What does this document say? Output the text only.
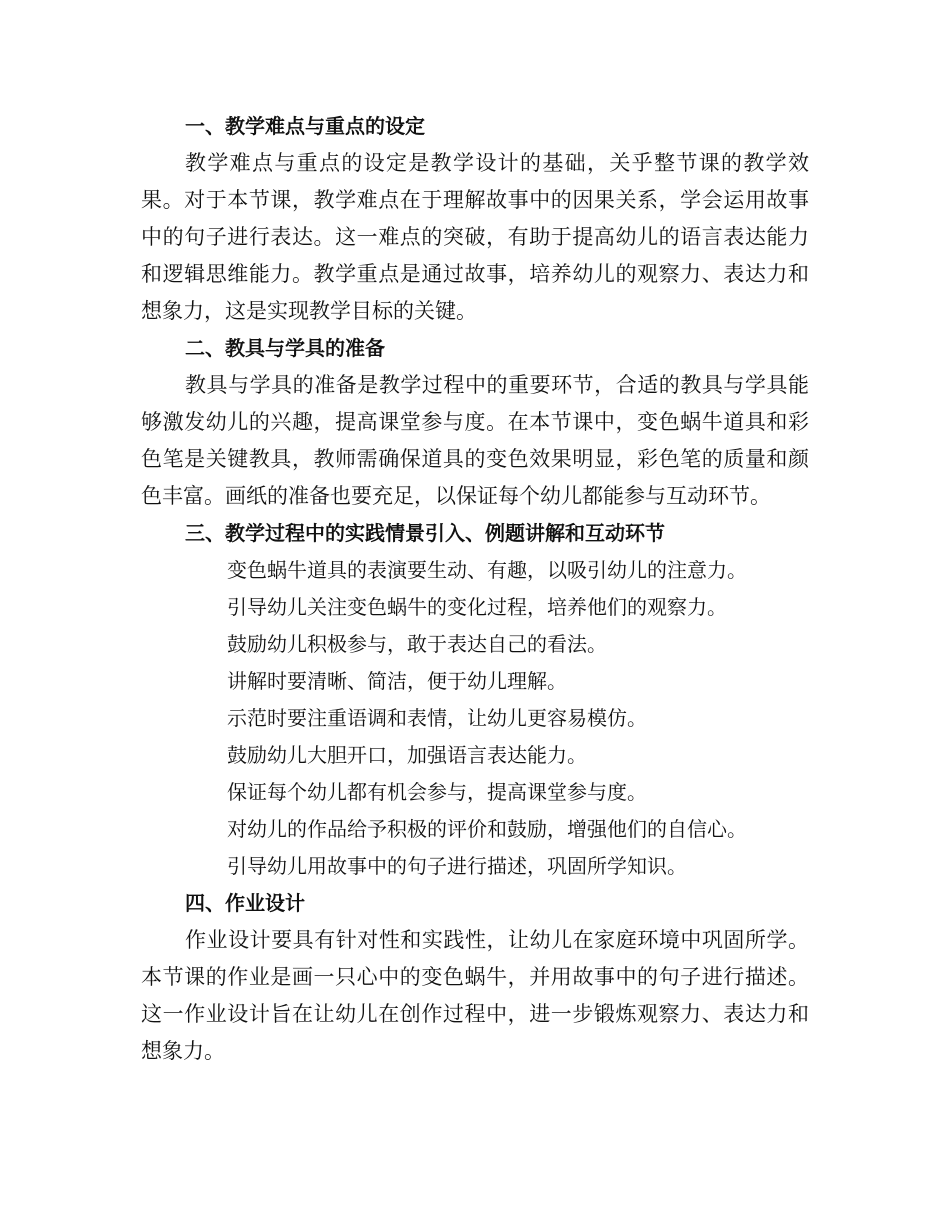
一、教学难点与重点的设定

教学难点与重点的设定是教学设计的基础，关乎整节课的教学效果。对于本节课，教学难点在于理解故事中的因果关系，学会运用故事中的句子进行表达。这一难点的突破，有助于提高幼儿的语言表达能力和逻辑思维能力。教学重点是通过故事，培养幼儿的观察力、表达力和想象力，这是实现教学目标的关键。

二、教具与学具的准备

教具与学具的准备是教学过程中的重要环节，合适的教具与学具能够激发幼儿的兴趣，提高课堂参与度。在本节课中，变色蜗牛道具和彩色笔是关键教具，教师需确保道具的变色效果明显，彩色笔的质量和颜色丰富。画纸的准备也要充足，以保证每个幼儿都能参与互动环节。

三、教学过程中的实践情景引入、例题讲解和互动环节
变色蜗牛道具的表演要生动、有趣，以吸引幼儿的注意力。
引导幼儿关注变色蜗牛的变化过程，培养他们的观察力。
鼓励幼儿积极参与，敢于表达自己的看法。
讲解时要清晰、简洁，便于幼儿理解。
示范时要注重语调和表情，让幼儿更容易模仿。
鼓励幼儿大胆开口，加强语言表达能力。
保证每个幼儿都有机会参与，提高课堂参与度。
对幼儿的作品给予积极的评价和鼓励，增强他们的自信心。
引导幼儿用故事中的句子进行描述，巩固所学知识。
四、作业设计

作业设计要具有针对性和实践性，让幼儿在家庭环境中巩固所学。本节课的作业是画一只心中的变色蜗牛，并用故事中的句子进行描述。这一作业设计旨在让幼儿在创作过程中，进一步锻炼观察力、表达力和想象力。
